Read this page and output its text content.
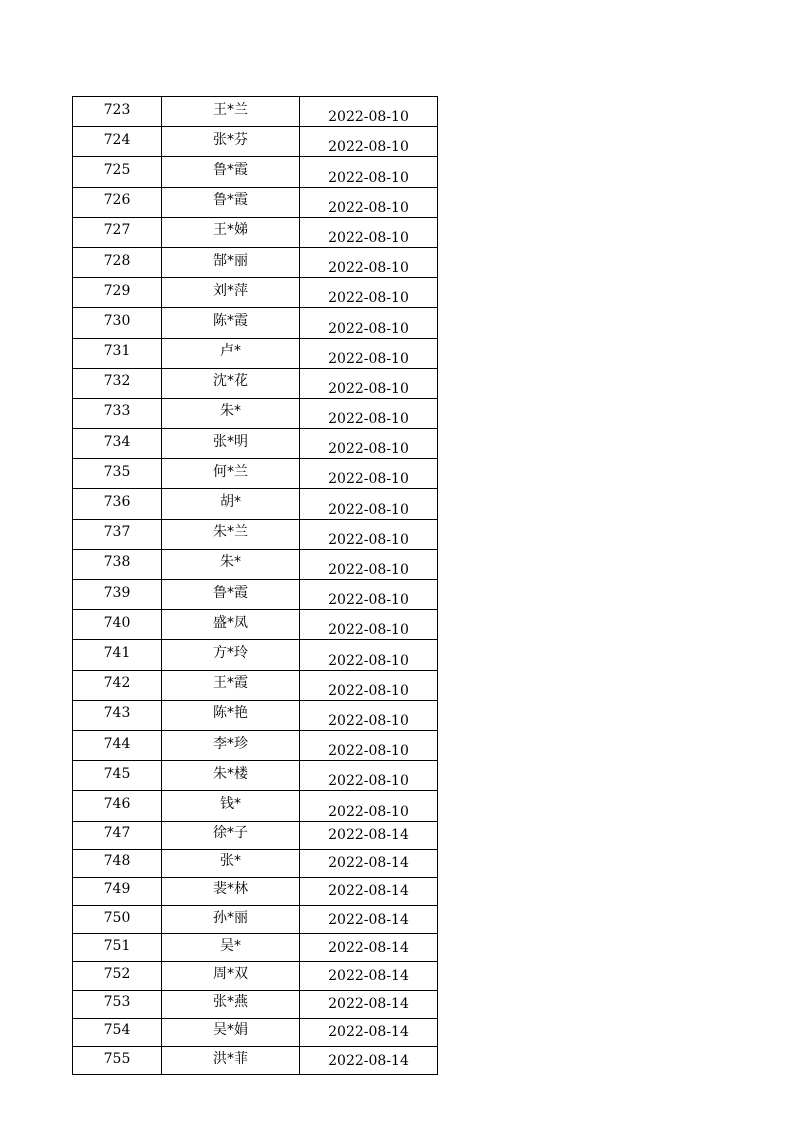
723	王*兰	2022-08-10
724	张*芬	2022-08-10
725	鲁*霞	2022-08-10
726	鲁*霞	2022-08-10
727	王*娣	2022-08-10
728	郜*丽	2022-08-10
729	刘*萍	2022-08-10
730	陈*霞	2022-08-10
731	卢*	2022-08-10
732	沈*花	2022-08-10
733	朱*	2022-08-10
734	张*明	2022-08-10
735	何*兰	2022-08-10
736	胡*	2022-08-10
737	朱*兰	2022-08-10
738	朱*	2022-08-10
739	鲁*霞	2022-08-10
740	盛*凤	2022-08-10
741	方*玲	2022-08-10
742	王*霞	2022-08-10
743	陈*艳	2022-08-10
744	李*珍	2022-08-10
745	朱*楼	2022-08-10
746	钱*	2022-08-10
747	徐*子	2022-08-14
748	张*	2022-08-14
749	裴*林	2022-08-14
750	孙*丽	2022-08-14
751	吴*	2022-08-14
752	周*双	2022-08-14
753	张*燕	2022-08-14
754	吴*娟	2022-08-14
755	洪*菲	2022-08-14
